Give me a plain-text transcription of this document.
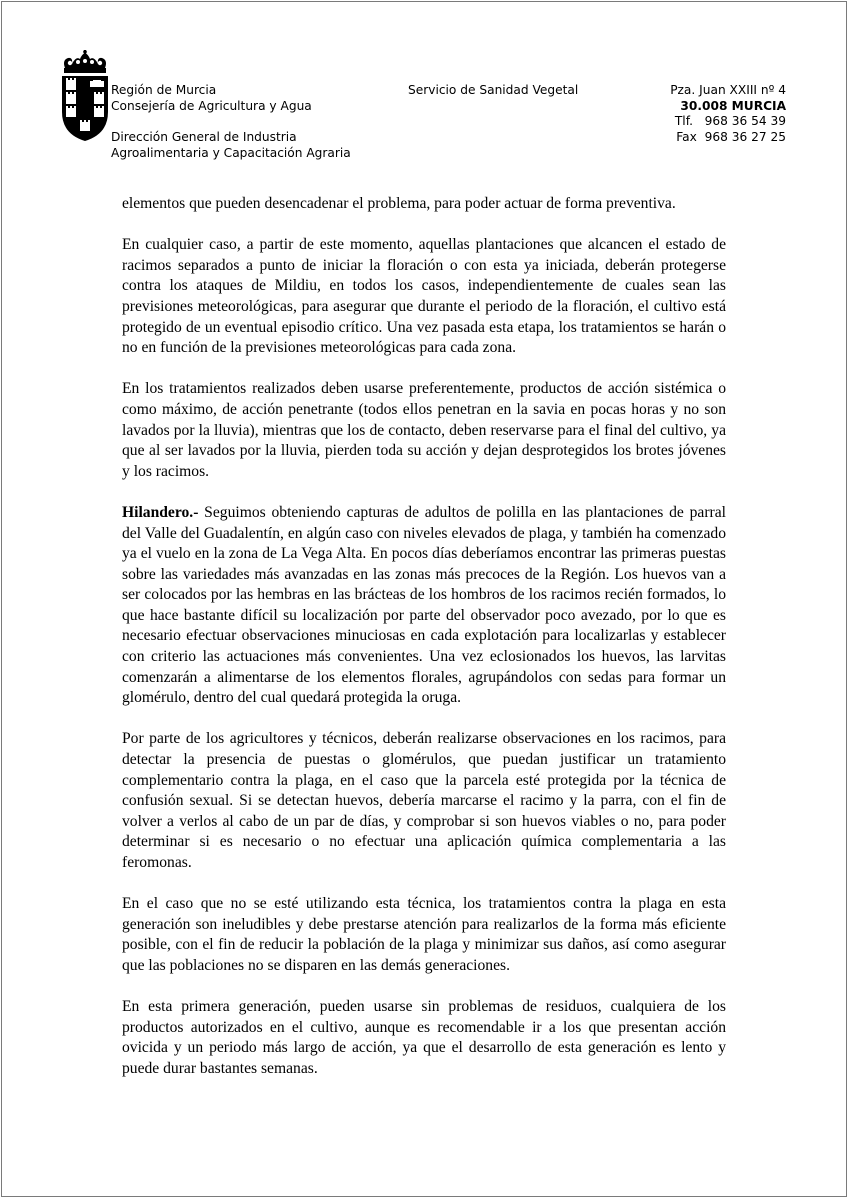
Región de Murcia
Consejería de Agricultura y Agua
Dirección General de Industria
Agroalimentaria y Capacitación Agraria
Servicio de Sanidad Vegetal	Pza. Juan XXIII nº 4
30.008 MURCIA
Tlf.   968 36 54 39
Fax  968 36 27 25

elementos que pueden desencadenar el problema, para poder actuar de forma preventiva.

En cualquier caso, a partir de este momento, aquellas plantaciones que alcancen el estado de racimos separados a punto de iniciar la floración o con esta ya iniciada, deberán protegerse contra los ataques de Mildiu, en todos los casos, independientemente de cuales sean las previsiones meteorológicas, para asegurar que durante el periodo de la floración, el cultivo está protegido de un eventual episodio crítico. Una vez pasada esta etapa, los tratamientos se harán o no en función de la previsiones meteorológicas para cada zona.

En los tratamientos realizados deben usarse preferentemente, productos de acción sistémica o como máximo, de acción penetrante (todos ellos penetran en la savia en pocas horas y no son lavados por la lluvia), mientras que los de contacto, deben reservarse para el final del cultivo, ya que al ser lavados por la lluvia, pierden toda su acción y dejan desprotegidos los brotes jóvenes y los racimos.

Hilandero.- Seguimos obteniendo capturas de adultos de polilla en las plantaciones de parral del Valle del Guadalentín, en algún caso con niveles elevados de plaga, y también ha comenzado ya el vuelo en la zona de La Vega Alta. En pocos días deberíamos encontrar las primeras puestas sobre las variedades más avanzadas en las zonas más precoces de la Región. Los huevos van a ser colocados por las hembras en las brácteas de los hombros de los racimos recién formados, lo que hace bastante difícil su localización por parte del observador poco avezado, por lo que es necesario efectuar observaciones minuciosas en cada explotación para localizarlas y establecer con criterio las actuaciones más convenientes. Una vez eclosionados los huevos, las larvitas comenzarán a alimentarse de los elementos florales, agrupándolos con sedas para formar un glomérulo, dentro del cual quedará protegida la oruga.

Por parte de los agricultores y técnicos, deberán realizarse observaciones en los racimos, para detectar la presencia de puestas o glomérulos, que puedan justificar un tratamiento complementario contra la plaga, en el caso que la parcela esté protegida por la técnica de confusión sexual. Si se detectan huevos, debería marcarse el racimo y la parra, con el fin de volver a verlos al cabo de un par de días, y comprobar si son huevos viables o no, para poder determinar si es necesario o no efectuar una aplicación química complementaria a las feromonas.

En el caso que no se esté utilizando esta técnica, los tratamientos contra la plaga en esta generación son ineludibles y debe prestarse atención para realizarlos de la forma más eficiente posible, con el fin de reducir la población de la plaga y minimizar sus daños, así como asegurar que las poblaciones no se disparen en las demás generaciones.

En esta primera generación, pueden usarse sin problemas de residuos, cualquiera de los productos autorizados en el cultivo, aunque es recomendable ir a los que presentan acción ovicida y un periodo más largo de acción, ya que el desarrollo de esta generación es lento y puede durar bastantes semanas.
